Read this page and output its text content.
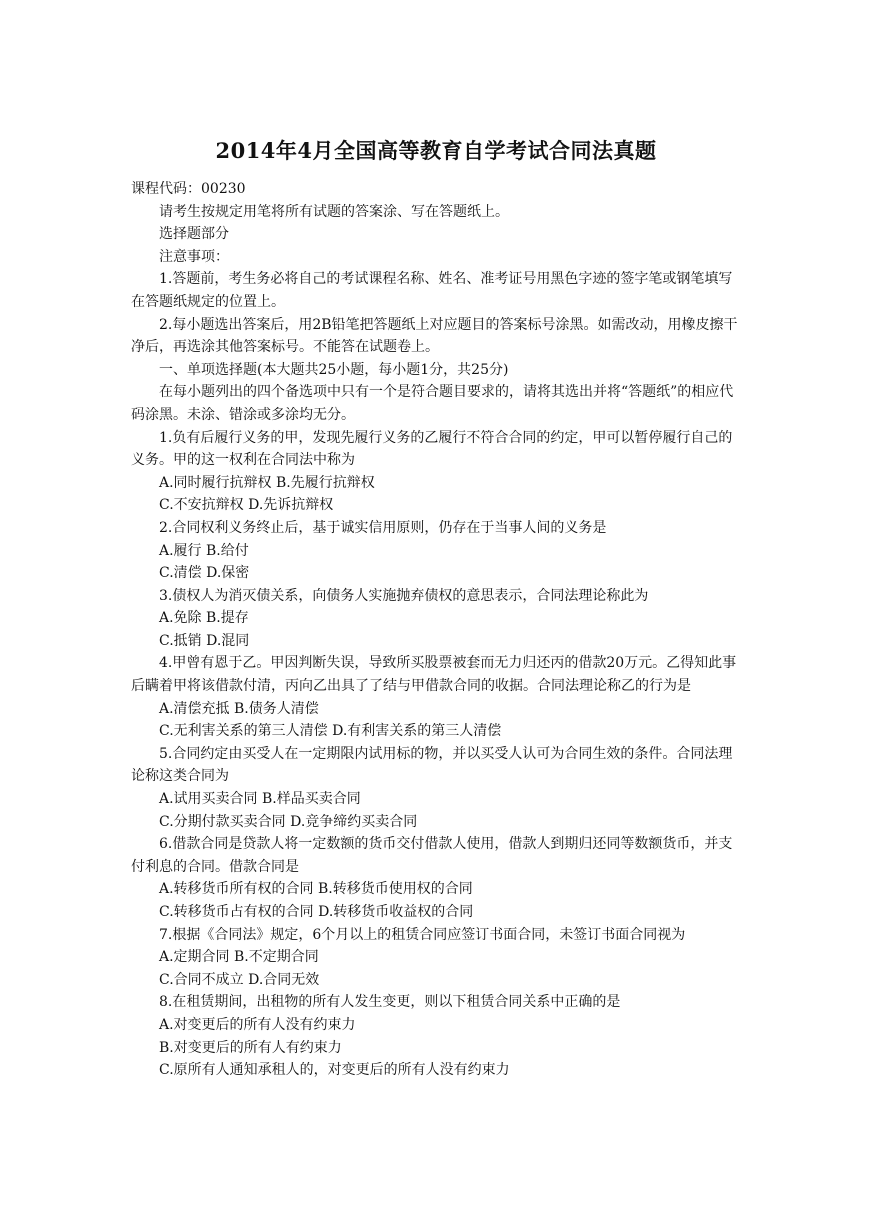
2014年4月全国高等教育自学考试合同法真题

课程代码：00230

请考生按规定用笔将所有试题的答案涂、写在答题纸上。

选择题部分

注意事项：

1.答题前，考生务必将自己的考试课程名称、姓名、准考证号用黑色字迹的签字笔或钢笔填写在答题纸规定的位置上。

2.每小题选出答案后，用2B铅笔把答题纸上对应题目的答案标号涂黑。如需改动，用橡皮擦干净后，再选涂其他答案标号。不能答在试题卷上。

一、单项选择题(本大题共25小题，每小题1分，共25分)

在每小题列出的四个备选项中只有一个是符合题目要求的，请将其选出并将“答题纸”的相应代码涂黑。未涂、错涂或多涂均无分。

1.负有后履行义务的甲，发现先履行义务的乙履行不符合合同的约定，甲可以暂停履行自己的义务。甲的这一权利在合同法中称为

A.同时履行抗辩权 B.先履行抗辩权

C.不安抗辩权 D.先诉抗辩权

2.合同权利义务终止后，基于诚实信用原则，仍存在于当事人间的义务是

A.履行 B.给付

C.清偿 D.保密

3.债权人为消灭债关系，向债务人实施抛弃债权的意思表示，合同法理论称此为

A.免除 B.提存

C.抵销 D.混同

4.甲曾有恩于乙。甲因判断失误，导致所买股票被套而无力归还丙的借款20万元。乙得知此事后瞒着甲将该借款付清，丙向乙出具了了结与甲借款合同的收据。合同法理论称乙的行为是

A.清偿充抵 B.债务人清偿

C.无利害关系的第三人清偿 D.有利害关系的第三人清偿

5.合同约定由买受人在一定期限内试用标的物，并以买受人认可为合同生效的条件。合同法理论称这类合同为

A.试用买卖合同 B.样品买卖合同

C.分期付款买卖合同 D.竞争缔约买卖合同

6.借款合同是贷款人将一定数额的货币交付借款人使用，借款人到期归还同等数额货币，并支付利息的合同。借款合同是

A.转移货币所有权的合同 B.转移货币使用权的合同

C.转移货币占有权的合同 D.转移货币收益权的合同

7.根据《合同法》规定，6个月以上的租赁合同应签订书面合同，未签订书面合同视为

A.定期合同 B.不定期合同

C.合同不成立 D.合同无效

8.在租赁期间，出租物的所有人发生变更，则以下租赁合同关系中正确的是

A.对变更后的所有人没有约束力

B.对变更后的所有人有约束力

C.原所有人通知承租人的，对变更后的所有人没有约束力
